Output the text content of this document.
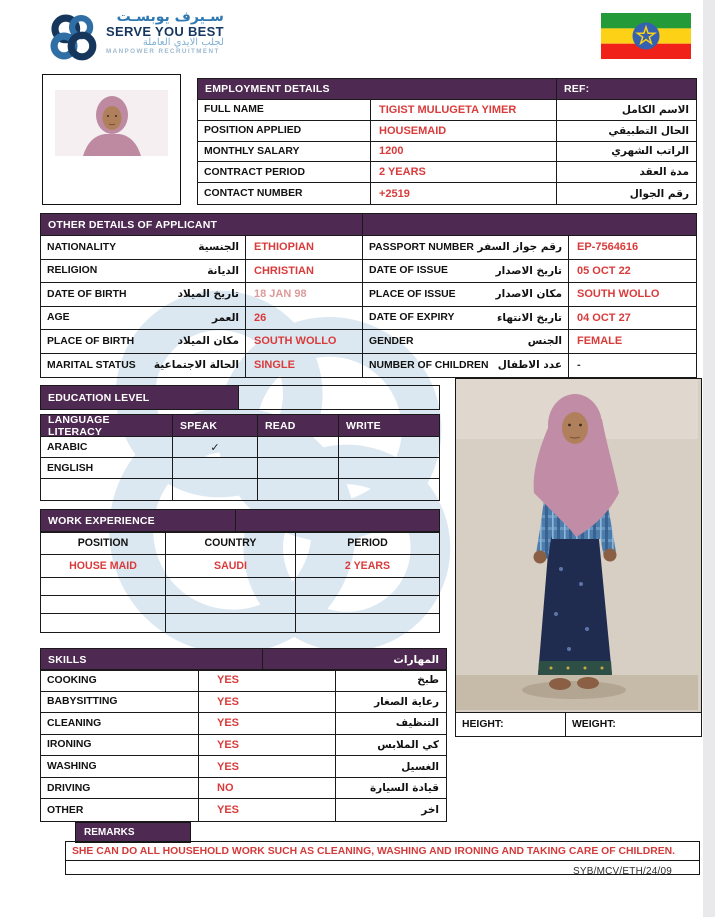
سـيرف يوبسـت
SERVE YOU BEST
لجلب الايدي العاملة
MANPOWER RECRUITMENT
EMPLOYMENT DETAILS	REF:
FULL NAME	TIGIST MULUGETA YIMER	الاسم الكامل
POSITION APPLIED	HOUSEMAID	الحال التطبيقي
MONTHLY SALARY	1200	الراتب الشهري
CONTRACT PERIOD	2 YEARS	مدة العقد
CONTACT NUMBER	+2519	رقم الجوال
OTHER DETAILS OF APPLICANT
NATIONALITY	الجنسية	ETHIOPIAN	PASSPORT NUMBER رقم جواز السفر	EP-7564616
RELIGION	الديانة	CHRISTIAN	DATE OF ISSUE	تاريخ الاصدار	05 OCT 22
DATE OF BIRTH	تاريخ الميلاد	18 JAN 98	PLACE OF ISSUE	مكان الاصدار	SOUTH WOLLO
AGE	العمر	26	DATE OF EXPIRY	تاريخ الانتهاء	04 OCT 27
PLACE OF BIRTH	مكان الميلاد	SOUTH WOLLO	GENDER	الجنس	FEMALE
MARITAL STATUS الحالة الاجتماعية	SINGLE	NUMBER OF CHILDREN عدد الاطفال	-
EDUCATION LEVEL
LANGUAGE LITERACY	SPEAK	READ	WRITE
ARABIC	✓
ENGLISH
WORK EXPERIENCE
POSITION	COUNTRY	PERIOD
HOUSE MAID	SAUDI	2 YEARS
SKILLS	المهارات
COOKING	YES	طبخ
BABYSITTING	YES	رعاية الصغار
CLEANING	YES	التنظيف
IRONING	YES	كي الملابس
WASHING	YES	الغسيل
DRIVING	NO	قيادة السيارة
OTHER	YES	اخر
HEIGHT:	WEIGHT:
REMARKS
SHE CAN DO ALL HOUSEHOLD WORK SUCH AS CLEANING, WASHING AND IRONING AND TAKING CARE OF CHILDREN.
SYB/MCV/ETH/24/09
